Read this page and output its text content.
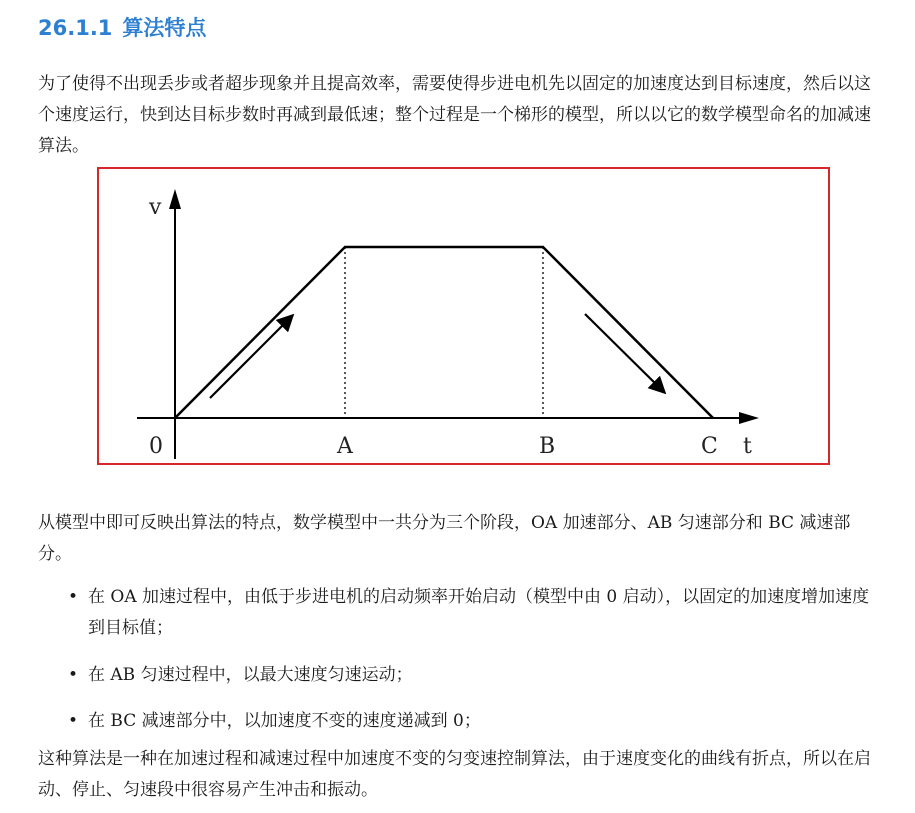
26.1.1 算法特点

为了使得不出现丢步或者超步现象并且提高效率，需要使得步进电机先以固定的加速度达到目标速度，然后以这个速度运行，快到达目标步数时再减到最低速；整个过程是一个梯形的模型，所以以它的数学模型命名的加减速算法。

v
t
0	A	B	C

从模型中即可反映出算法的特点，数学模型中一共分为三个阶段，OA 加速部分、AB 匀速部分和 BC 减速部分。

• 在 OA 加速过程中，由低于步进电机的启动频率开始启动（模型中由 0 启动），以固定的加速度增加速度到目标值；
• 在 AB 匀速过程中，以最大速度匀速运动；
• 在 BC 减速部分中，以加速度不变的速度递减到 0；

这种算法是一种在加速过程和减速过程中加速度不变的匀变速控制算法，由于速度变化的曲线有折点，所以在启动、停止、匀速段中很容易产生冲击和振动。
